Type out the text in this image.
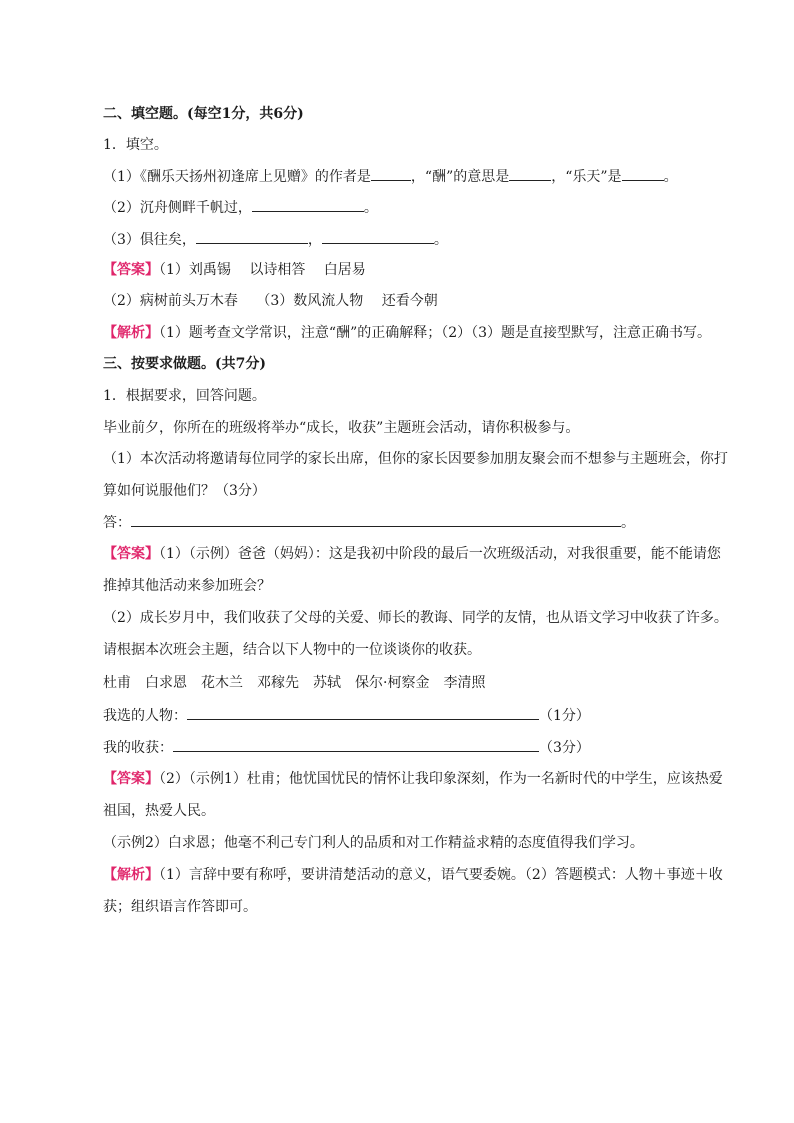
二、填空题。(每空1分，共6分)
1．填空。
（1）《酬乐天扬州初逢席上见赠》的作者是	，“酬”的意思是	，“乐天”是	。
（2）沉舟侧畔千帆过，	。
（3）俱往矣，	，	。
【答案】（1）刘禹锡　 以诗相答　 白居易
（2）病树前头万木春　 （3）数风流人物　 还看今朝
【解析】（1）题考查文学常识，注意“酬”的正确解释；（2）（3）题是直接型默写，注意正确书写。
三、按要求做题。(共7分)
1．根据要求，回答问题。
毕业前夕，你所在的班级将举办“成长，收获”主题班会活动，请你积极参与。
（1）本次活动将邀请每位同学的家长出席，但你的家长因要参加朋友聚会而不想参与主题班会，你打
算如何说服他们？（3分）
答：	。
【答案】（1）（示例）爸爸（妈妈）：这是我初中阶段的最后一次班级活动，对我很重要，能不能请您
推掉其他活动来参加班会？
（2）成长岁月中，我们收获了父母的关爱、师长的教诲、同学的友情，也从语文学习中收获了许多。
请根据本次班会主题，结合以下人物中的一位谈谈你的收获。
杜甫　白求恩　花木兰　邓稼先　苏轼　保尔·柯察金　李清照
我选的人物：	（1分）
我的收获：	（3分）
【答案】（2）（示例1）杜甫；他忧国忧民的情怀让我印象深刻，作为一名新时代的中学生，应该热爱
祖国，热爱人民。
（示例2）白求恩；他毫不利己专门利人的品质和对工作精益求精的态度值得我们学习。
【解析】（1）言辞中要有称呼，要讲清楚活动的意义，语气要委婉。（2）答题模式：人物＋事迹＋收
获；组织语言作答即可。
